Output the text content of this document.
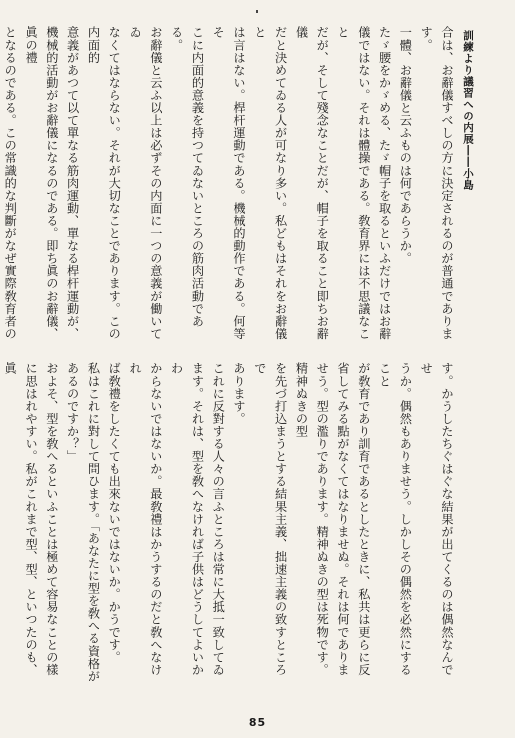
訓練より議習への内展――小島
合は、お辭儀すべしの方に決定されるのが普通であります。
一體、お辭儀と云ふものは何であらうか。
たゞ腰をかゞめる、たゞ帽子を取るといふだけではお辭
儀ではない。それは體操である。敎育界には不思議なこと
だが、そして殘念なことだが、帽子を取ること即ちお辭儀
だと決めてゐる人が可なり多い。私どもはそれをお辭儀と
は言はない。桿杆運動である。機械的動作である。何等そ
こに内面的意義を持つてゐないところの筋肉活動である。
お辭儀と云ふ以上は必ずその内面に一つの意義が働いてゐ
なくてはならない。それが大切なことであります。この内面的
意義があつて以て單なる筋肉運動、單なる桿杆運動が、
機械的活動がお辭儀になるのである。即ち眞のお辭儀、眞の禮
となるのである。この常識的な判斷がなぜ實際敎育者の
す。かうしたちぐはぐな結果が出てくるのは偶然なんでせ
うか。偶然もありませう。しかしその偶然を必然にすること
が敎育であり訓育であるとしたときに、私共は更らに反
省してみる點がなくてはなりませぬ。それは何でありま
せう。型の濫りであります。精神ぬきの型は死物です。精神ぬきの型
を先づ打込まうとする結果主義、拙速主義の致すところで
あります。
これに反對する人々の言ふところは常に大抵一致してゐ
ます。それは、型を敎へなければ子供はどうしてよいかわ
からないではないか。最敎禮はかうするのだと敎へなけれ
ば敎禮をしたくても出來ないではないか。かうです。
私はこれに對して問ひます。「あなたに型を敎へる資格が
あるのですか？」
およそ、型を敎へるといふことは極めて容易なことの樣
に思はれやすい。私がこれまで型、型、といつたのも、眞
85
